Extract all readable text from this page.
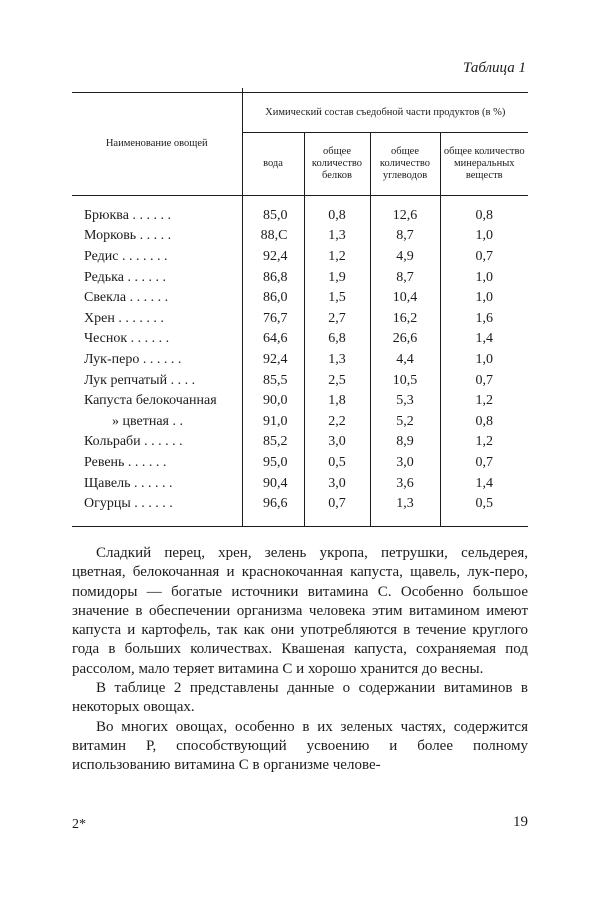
Таблица 1

Наименование овощей	Химический состав съедобной части продуктов (в %)			
	вода	общее количество белков	общее количество углеводов	общее количество минеральных веществ

Брюква . . . . . .	85,0	0,8	12,6	0,8
Морковь . . . . .	88,С	1,3	8,7	1,0
Редис . . . . . . .	92,4	1,2	4,9	0,7
Редька . . . . . .	86,8	1,9	8,7	1,0
Свекла . . . . . .	86,0	1,5	10,4	1,0
Хрен . . . . . . .	76,7	2,7	16,2	1,6
Чеснок . . . . . .	64,6	6,8	26,6	1,4
Лук-перо . . . . . .	92,4	1,3	4,4	1,0
Лук репчатый . . . .	85,5	2,5	10,5	0,7
Капуста белокочанная	90,0	1,8	5,3	1,2
» цветная . .	91,0	2,2	5,2	0,8
Кольраби . . . . . .	85,2	3,0	8,9	1,2
Ревень . . . . . .	95,0	0,5	3,0	0,7
Щавель . . . . . .	90,4	3,0	3,6	1,4
Огурцы . . . . . .	96,6	0,7	1,3	0,5

Сладкий перец, хрен, зелень укропа, петрушки, сельдерея, цветная, белокочанная и краснокочанная капуста, щавель, лук-перо, помидоры — богатые источники витамина С. Особенно большое значение в обеспечении организма человека этим витамином имеют капуста и картофель, так как они употребляются в течение круглого года в больших количествах. Квашеная капуста, сохраняемая под рассолом, мало теряет витамина С и хорошо хранится до весны.

В таблице 2 представлены данные о содержании витаминов в некоторых овощах.

Во многих овощах, особенно в их зеленых частях, содержится витамин Р, способствующий усвоению и более полному использованию витамина С в организме челове-

2*	19
